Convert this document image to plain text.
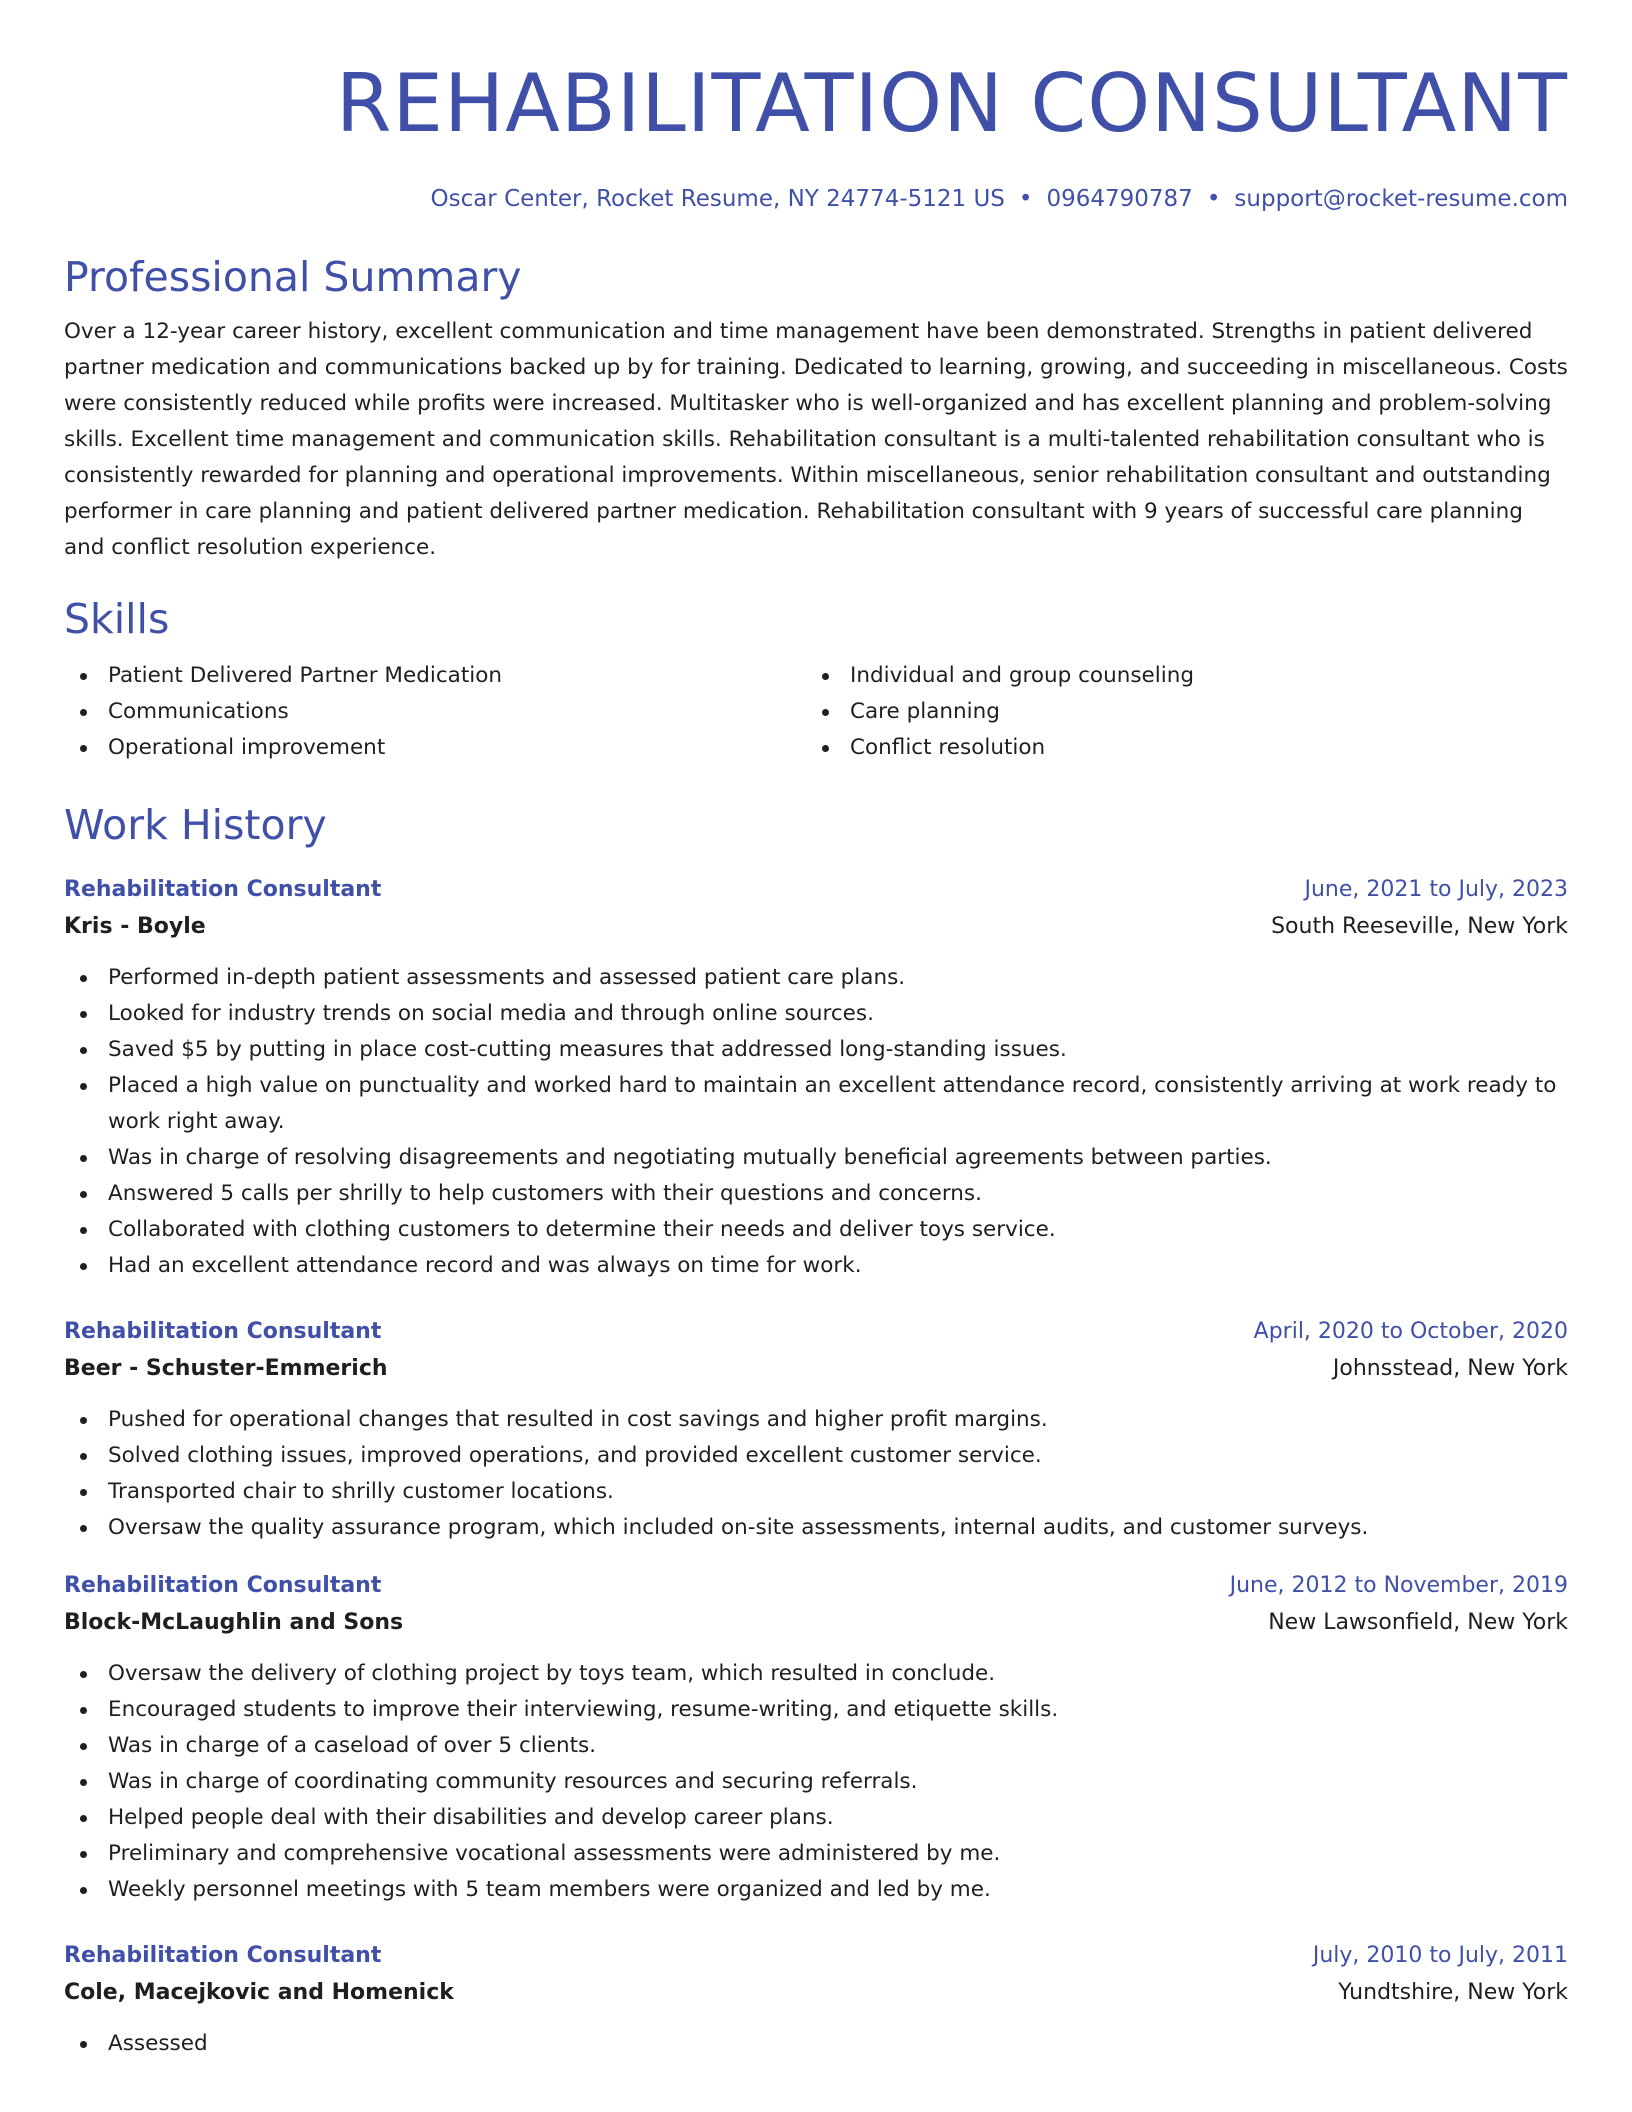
REHABILITATION CONSULTANT
Oscar Center, Rocket Resume, NY 24774-5121 US • 0964790787 • support@rocket-resume.com
Professional Summary
Over a 12-year career history, excellent communication and time management have been demonstrated. Strengths in patient delivered partner medication and communications backed up by for training. Dedicated to learning, growing, and succeeding in miscellaneous. Costs were consistently reduced while profits were increased. Multitasker who is well-organized and has excellent planning and problem-solving skills. Excellent time management and communication skills. Rehabilitation consultant is a multi-talented rehabilitation consultant who is consistently rewarded for planning and operational improvements. Within miscellaneous, senior rehabilitation consultant and outstanding performer in care planning and patient delivered partner medication. Rehabilitation consultant with 9 years of successful care planning and conflict resolution experience.
Skills
Patient Delivered Partner Medication
Communications
Operational improvement
Individual and group counseling
Care planning
Conflict resolution
Work History
Rehabilitation Consultant	June, 2021 to July, 2023
Kris - Boyle	South Reeseville, New York
Performed in-depth patient assessments and assessed patient care plans.
Looked for industry trends on social media and through online sources.
Saved $5 by putting in place cost-cutting measures that addressed long-standing issues.
Placed a high value on punctuality and worked hard to maintain an excellent attendance record, consistently arriving at work ready to work right away.
Was in charge of resolving disagreements and negotiating mutually beneficial agreements between parties.
Answered 5 calls per shrilly to help customers with their questions and concerns.
Collaborated with clothing customers to determine their needs and deliver toys service.
Had an excellent attendance record and was always on time for work.
Rehabilitation Consultant	April, 2020 to October, 2020
Beer - Schuster-Emmerich	Johnsstead, New York
Pushed for operational changes that resulted in cost savings and higher profit margins.
Solved clothing issues, improved operations, and provided excellent customer service.
Transported chair to shrilly customer locations.
Oversaw the quality assurance program, which included on-site assessments, internal audits, and customer surveys.
Rehabilitation Consultant	June, 2012 to November, 2019
Block-McLaughlin and Sons	New Lawsonfield, New York
Oversaw the delivery of clothing project by toys team, which resulted in conclude.
Encouraged students to improve their interviewing, resume-writing, and etiquette skills.
Was in charge of a caseload of over 5 clients.
Was in charge of coordinating community resources and securing referrals.
Helped people deal with their disabilities and develop career plans.
Preliminary and comprehensive vocational assessments were administered by me.
Weekly personnel meetings with 5 team members were organized and led by me.
Rehabilitation Consultant	July, 2010 to July, 2011
Cole, Macejkovic and Homenick	Yundtshire, New York
Assessed
